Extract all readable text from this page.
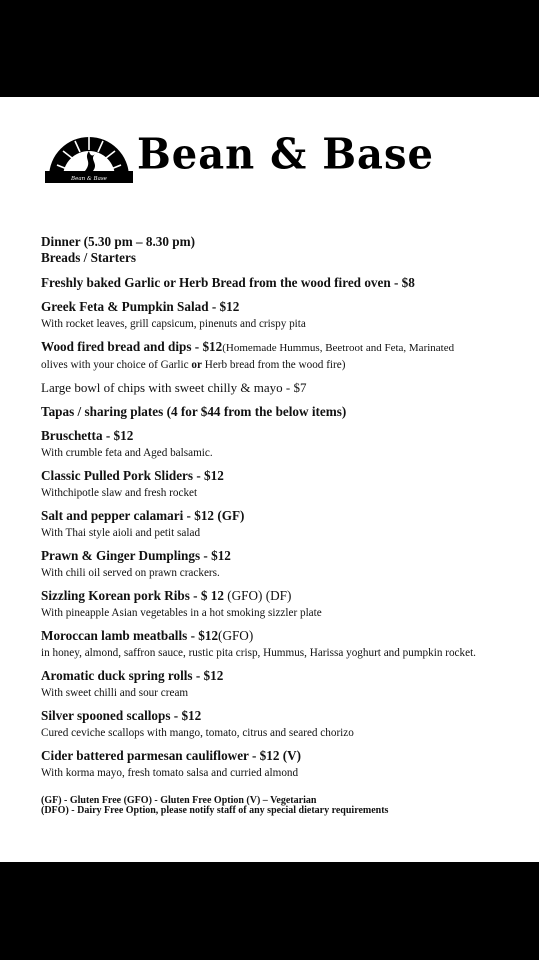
Bean & Base Bean & Base
Dinner (5.30 pm – 8.30 pm)
Breads / Starters
Freshly baked Garlic or Herb Bread from the wood fired oven - $8
Greek Feta & Pumpkin Salad - $12
With rocket leaves, grill capsicum, pinenuts and crispy pita
Wood fired bread and dips - $12(Homemade Hummus, Beetroot and Feta, Marinated
olives with your choice of Garlic or Herb bread from the wood fire)
Large bowl of chips with sweet chilly & mayo - $7
Tapas / sharing plates (4 for $44 from the below items)
Bruschetta - $12
With crumble feta and Aged balsamic.
Classic Pulled Pork Sliders - $12
Withchipotle slaw and fresh rocket
Salt and pepper calamari - $12 (GF)
With Thai style aioli and petit salad
Prawn & Ginger Dumplings - $12
With chili oil served on prawn crackers.
Sizzling Korean pork Ribs - $ 12 (GFO) (DF)
With pineapple Asian vegetables in a hot smoking sizzler plate
Moroccan lamb meatballs - $12(GFO)
in honey, almond, saffron sauce, rustic pita crisp, Hummus, Harissa yoghurt and pumpkin rocket.
Aromatic duck spring rolls - $12
With sweet chilli and sour cream
Silver spooned scallops - $12
Cured ceviche scallops with mango, tomato, citrus and seared chorizo
Cider battered parmesan cauliflower - $12 (V)
With korma mayo, fresh tomato salsa and curried almond
(GF) - Gluten Free (GFO) - Gluten Free Option (V) – Vegetarian
(DFO) - Dairy Free Option, please notify staff of any special dietary requirements
